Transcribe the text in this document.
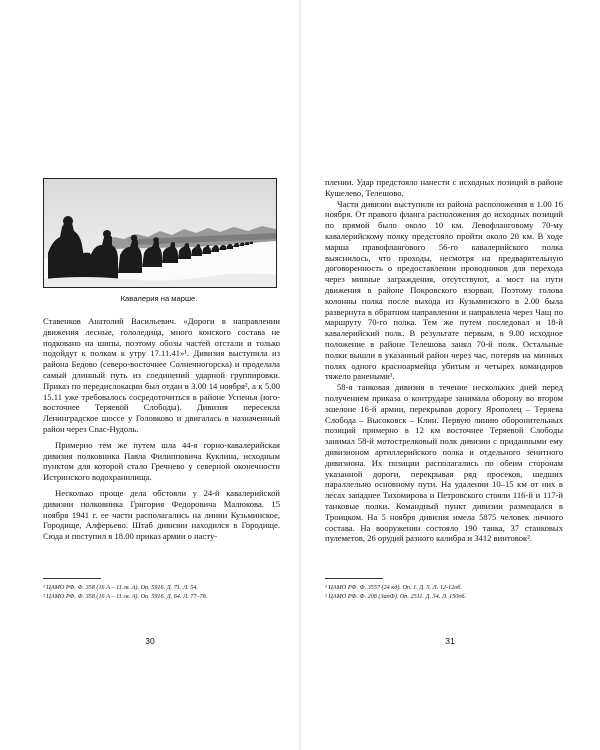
Кавалерия на марше.

Ставенков Анатолий Васильевич. «Дороги в направлении движения лесные, гололедица, много конского состава не подковано на шипы, поэтому обозы частей отстали и только подойдут к полкам к утру 17.11.41»¹. Дивизия выступила из района Бедово (северо-восточнее Солнечногорска) и проделала самый длинный путь из соединений ударной группировки. Приказ по передислокации был отдан в 3.00 14 ноября², а к 5.00 15.11 уже требовалось сосредоточиться в районе Успенья (юго-восточнее Теряевой Слободы). Дивизия пересекла Ленинградское шоссе у Головково и двигалась в назначенный район через Спас-Нудоль.

Примерно тем же путем шла 44-я горно-кавалерийская дивизия полковника Павла Филипповича Куклина, исходным пунктом для которой стало Гречнево у северной оконечности Истринского водохранилища.

Несколько проще дела обстояли у 24-й кавалерийской дивизии полковника Григория Федоровича Малюкова. 15 ноября 1941 г. ее части располагались на линии Кузьминское, Городище, Алферьево. Штаб дивизии находился в Городище. Сюда и поступил в 18.00 приказ армии о насту-

¹ ЦАМО РФ. Ф. 358 (16 А – 11 гв. А). Оп. 5916. Д. 71. Л. 54.
² ЦАМО РФ. Ф. 358 (16 А – 11 гв. А). Оп. 5916. Д. 64. Л. 77–78.
30	31

плении. Удар предстояло нанести с исходных позиций в районе Кушелево, Телешово.

Части дивизии выступили из района расположения в 1.00 16 ноября. От правого фланга расположения до исходных позиций по прямой было около 10 км. Левофланговому 70-му кавалерийскому полку предстояло пройти около 20 км. В ходе марша правофлангового 56-го кавалерийского полка выяснилось, что проходы, несмотря на предварительную договоренность о предоставлении проводников для перехода через минные заграждения, отсутствуют, а мост на пути движения в районе Покровского взорван. Поэтому голова колонны полка после выхода из Кузьминского в 2.00 была развернута в обратном направлении и направлена через Чащ по маршруту 70-го полка. Тем же путем последовал и 18-й кавалерийский полк. В результате первым, в 9.00 исходное положение в районе Телешова занял 70-й полк. Остальные полки вышли в указанный район через час, потеряв на минных полях одного красноармейца убитым и четырех командиров тяжело ранеными¹.

58-я танковая дивизия в течение нескольких дней перед получением приказа о контрударе занимала оборону во втором эшелоне 16-й армии, перекрывая дорогу Ярополец – Теряева Слобода – Высоковск – Клин. Первую линию оборонительных позиций примерно в 12 км восточнее Теряевой Слободы занимал 58-й мотострелковый полк дивизии с приданными ему дивизионом артиллерийского полка и отдельного зенитного дивизиона. Их позиции располагались по обеим сторонам указанной дороги, перекрывая ряд просеков, шедших параллельно основному пути. На удалении 10–15 км от них в лесах западнее Тихомирова и Петровского стояли 116-й и 117-й танковые полки. Командный пункт дивизии размещался в Троицком. На 5 ноября дивизия имела 5875 человек личного состава. На вооружении состояло 190 танка, 37 станковых пулеметов, 26 орудий разного калибра и 3412 винтовок².

¹ ЦАМО РФ. Ф. 3557 (24 кд). Оп. 1. Д. 5. Л. 12-12об.
² ЦАМО РФ. Ф. 208 (ЗапФ). Оп. 2511. Д. 34. Л. 150об.
